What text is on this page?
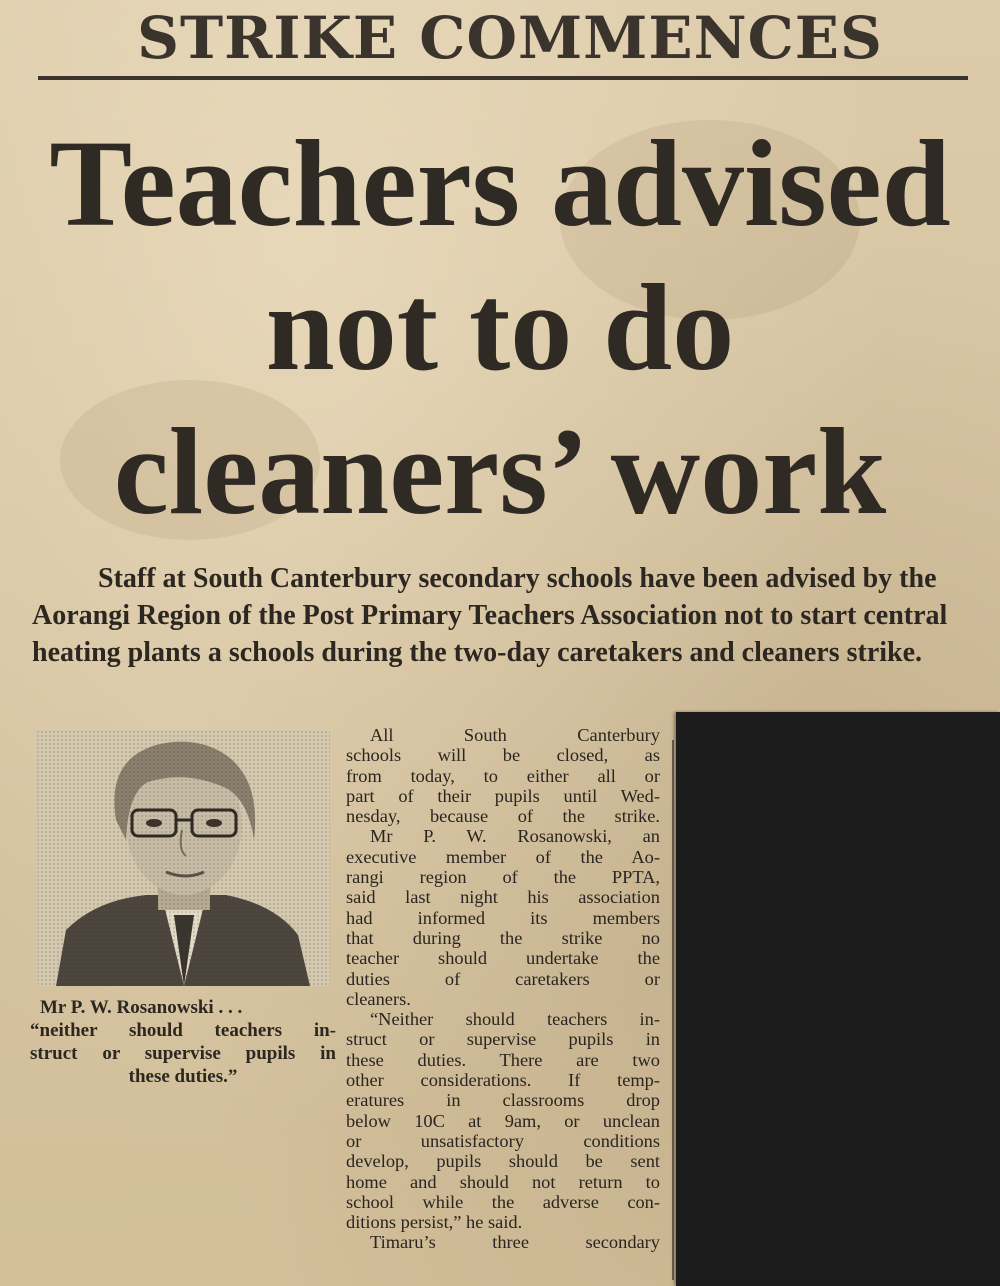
STRIKE COMMENCES
Teachers advised
not to do
cleaners’ work

Staff at South Canterbury secondary schools have been advised by the Aorangi Region of the Post Primary Teachers Association not to start central heating plants a schools during the two-day caretakers and cleaners strike.

Mr P. W. Rosanowski . . .
“neither should teachers in-
struct or supervise pupils in
these duties.”

All South Canterbury
schools will be closed, as
from today, to either all or
part of their pupils until Wed-
nesday, because of the strike.
Mr P. W. Rosanowski, an
executive member of the Ao-
rangi region of the PPTA,
said last night his association
had informed its members
that during the strike no
teacher should undertake the
duties of caretakers or
cleaners.
“Neither should teachers in-
struct or supervise pupils in
these duties. There are two
other considerations. If temp-
eratures in classrooms drop
below 10C at 9am, or unclean
or unsatisfactory conditions
develop, pupils should be sent
home and should not return to
school while the adverse con-
ditions persist,” he said.
Timaru’s three secondary
